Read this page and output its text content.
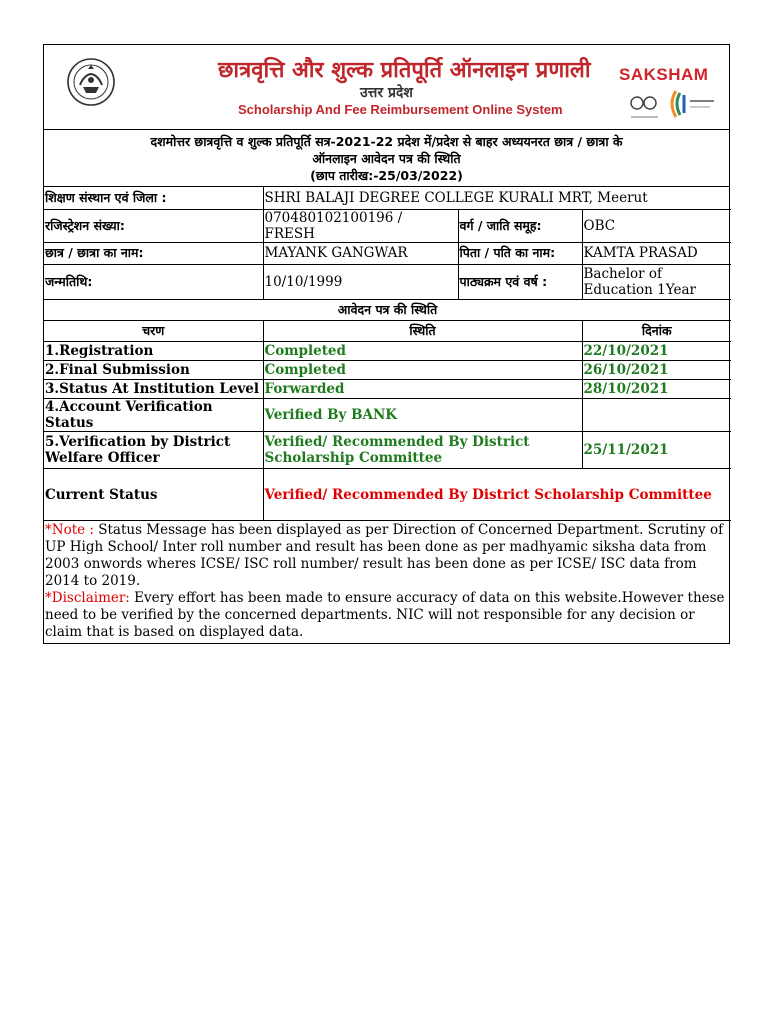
छात्रवृत्ति और शुल्क प्रतिपूर्ति ऑनलाइन प्रणाली
उत्तर प्रदेश
Scholarship And Fee Reimbursement Online System
SAKSHAM
दशमोत्तर छात्रवृत्ति व शुल्क प्रतिपूर्ति सत्र-2021-22 प्रदेश में/प्रदेश से बाहर अध्ययनरत छात्र / छात्रा के
ऑनलाइन आवेदन पत्र की स्थिति
(छाप तारीख:-25/03/2022)
शिक्षण संस्थान एवं जिला :	SHRI BALAJI DEGREE COLLEGE KURALI MRT, Meerut		
रजिस्ट्रेशन संख्या:	070480102100196 / FRESH	वर्ग / जाति समूह:	OBC
छात्र / छात्रा का नाम:	MAYANK GANGWAR	पिता / पति का नाम:	KAMTA PRASAD
जन्मतिथि:	10/10/1999	पाठ्यक्रम एवं वर्ष :	Bachelor of Education 1Year
आवेदन पत्र की स्थिति		
चरण	स्थिति	दिनांक
1.Registration	Completed	22/10/2021
2.Final Submission	Completed	26/10/2021
3.Status At Institution Level	Forwarded	28/10/2021
4.Account Verification Status	Verified By BANK	
5.Verification by District Welfare Officer	Verified/ Recommended By District Scholarship Committee	25/11/2021
Current Status	Verified/ Recommended By District Scholarship Committee	
*Note : Status Message has been displayed as per Direction of Concerned Department. Scrutiny of UP High School/ Inter roll number and result has been done as per madhyamic siksha data from 2003 onwords wheres ICSE/ ISC roll number/ result has been done as per ICSE/ ISC data from 2014 to 2019.
*Disclaimer: Every effort has been made to ensure accuracy of data on this website.However these need to be verified by the concerned departments. NIC will not responsible for any decision or claim that is based on displayed data.
